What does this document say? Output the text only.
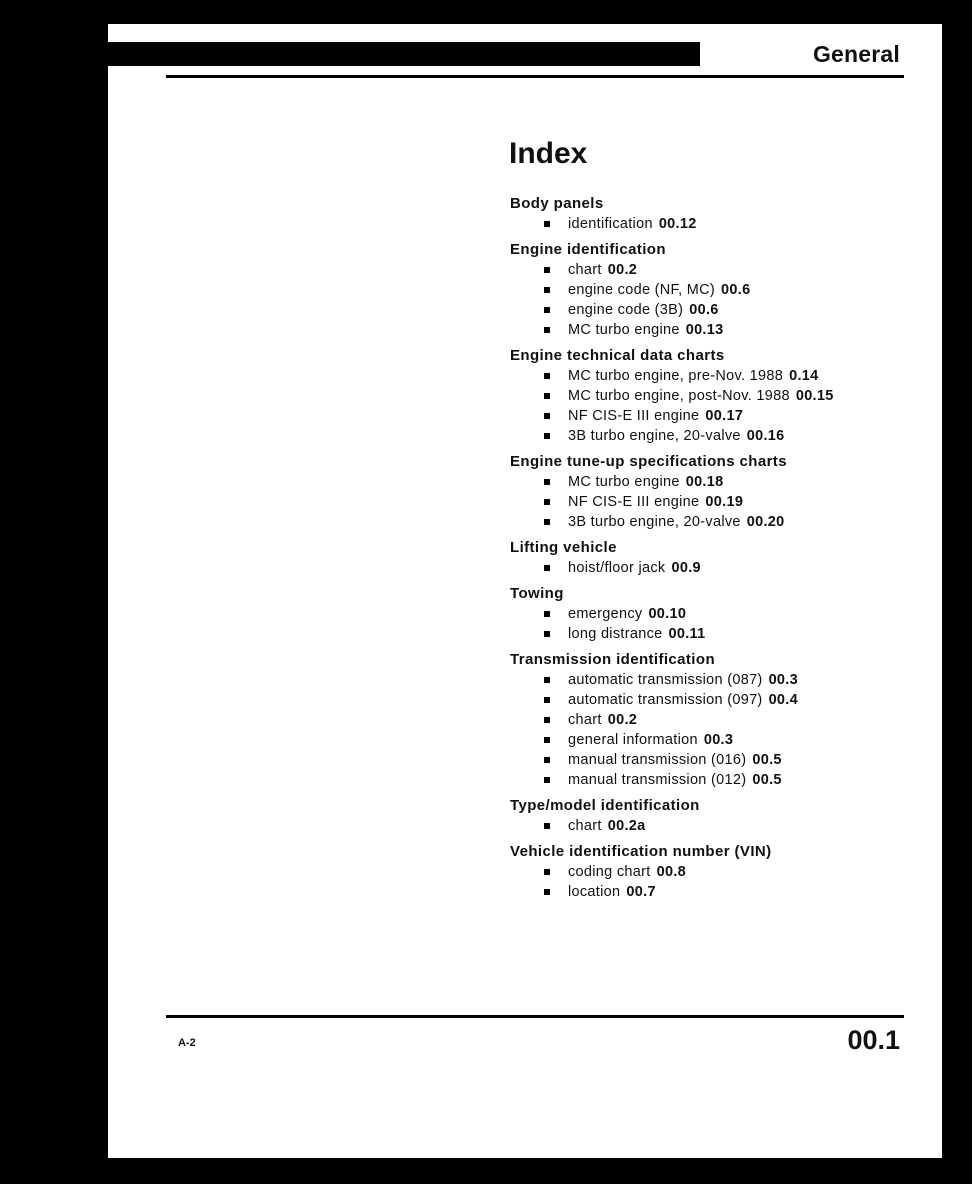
General
Index
Body panels
identification 00.12
Engine identification
chart 00.2
engine code (NF, MC) 00.6
engine code (3B) 00.6
MC turbo engine 00.13
Engine technical data charts
MC turbo engine, pre-Nov. 1988 0.14
MC turbo engine, post-Nov. 1988 00.15
NF CIS-E III engine 00.17
3B turbo engine, 20-valve 00.16
Engine tune-up specifications charts
MC turbo engine 00.18
NF CIS-E III engine 00.19
3B turbo engine, 20-valve 00.20
Lifting vehicle
hoist/floor jack 00.9
Towing
emergency 00.10
long distrance 00.11
Transmission identification
automatic transmission (087) 00.3
automatic transmission (097) 00.4
chart 00.2
general information 00.3
manual transmission (016) 00.5
manual transmission (012) 00.5
Type/model identification
chart 00.2a
Vehicle identification number (VIN)
coding chart 00.8
location 00.7
A-2	00.1
